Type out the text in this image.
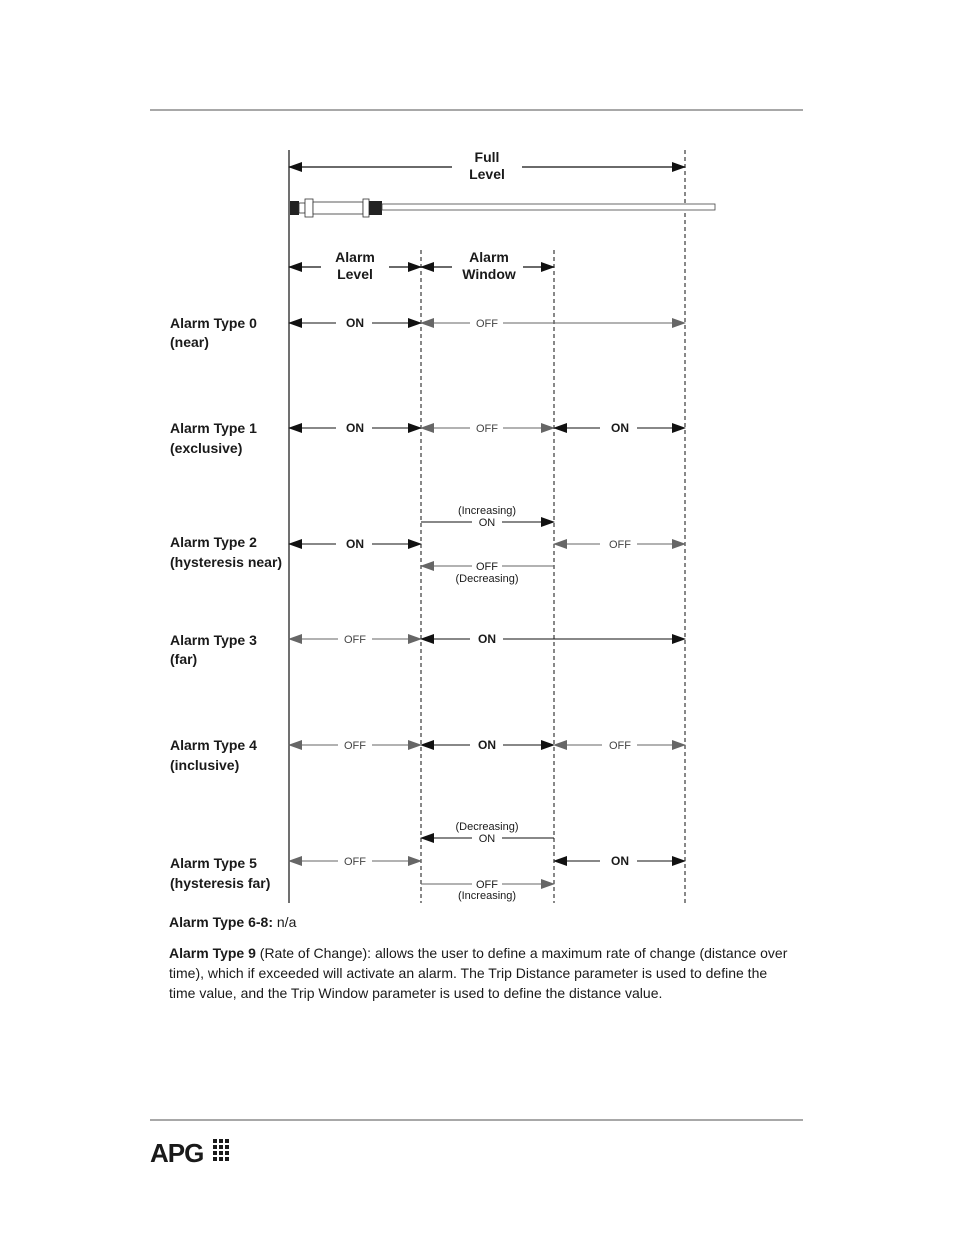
Full
Level
Alarm
Level
Alarm
Window
Alarm Type 0
(near)
Alarm Type 1
(exclusive)
Alarm Type 2
(hysteresis near)
Alarm Type 3
(far)
Alarm Type 4
(inclusive)
Alarm Type 5
(hysteresis far)
ON	OFF
ON	OFF	ON
(Increasing)
ON
ON	OFF
OFF
(Decreasing)
OFF	ON
OFF	ON	OFF
(Decreasing)
ON
OFF	ON
OFF
(Increasing)

Alarm Type 6-8: n/a

Alarm Type 9 (Rate of Change): allows the user to define a maximum rate of change (distance over time), which if exceeded will activate an alarm. The Trip Distance parameter is used to define the time value, and the Trip Window parameter is used to define the distance value.

APG
